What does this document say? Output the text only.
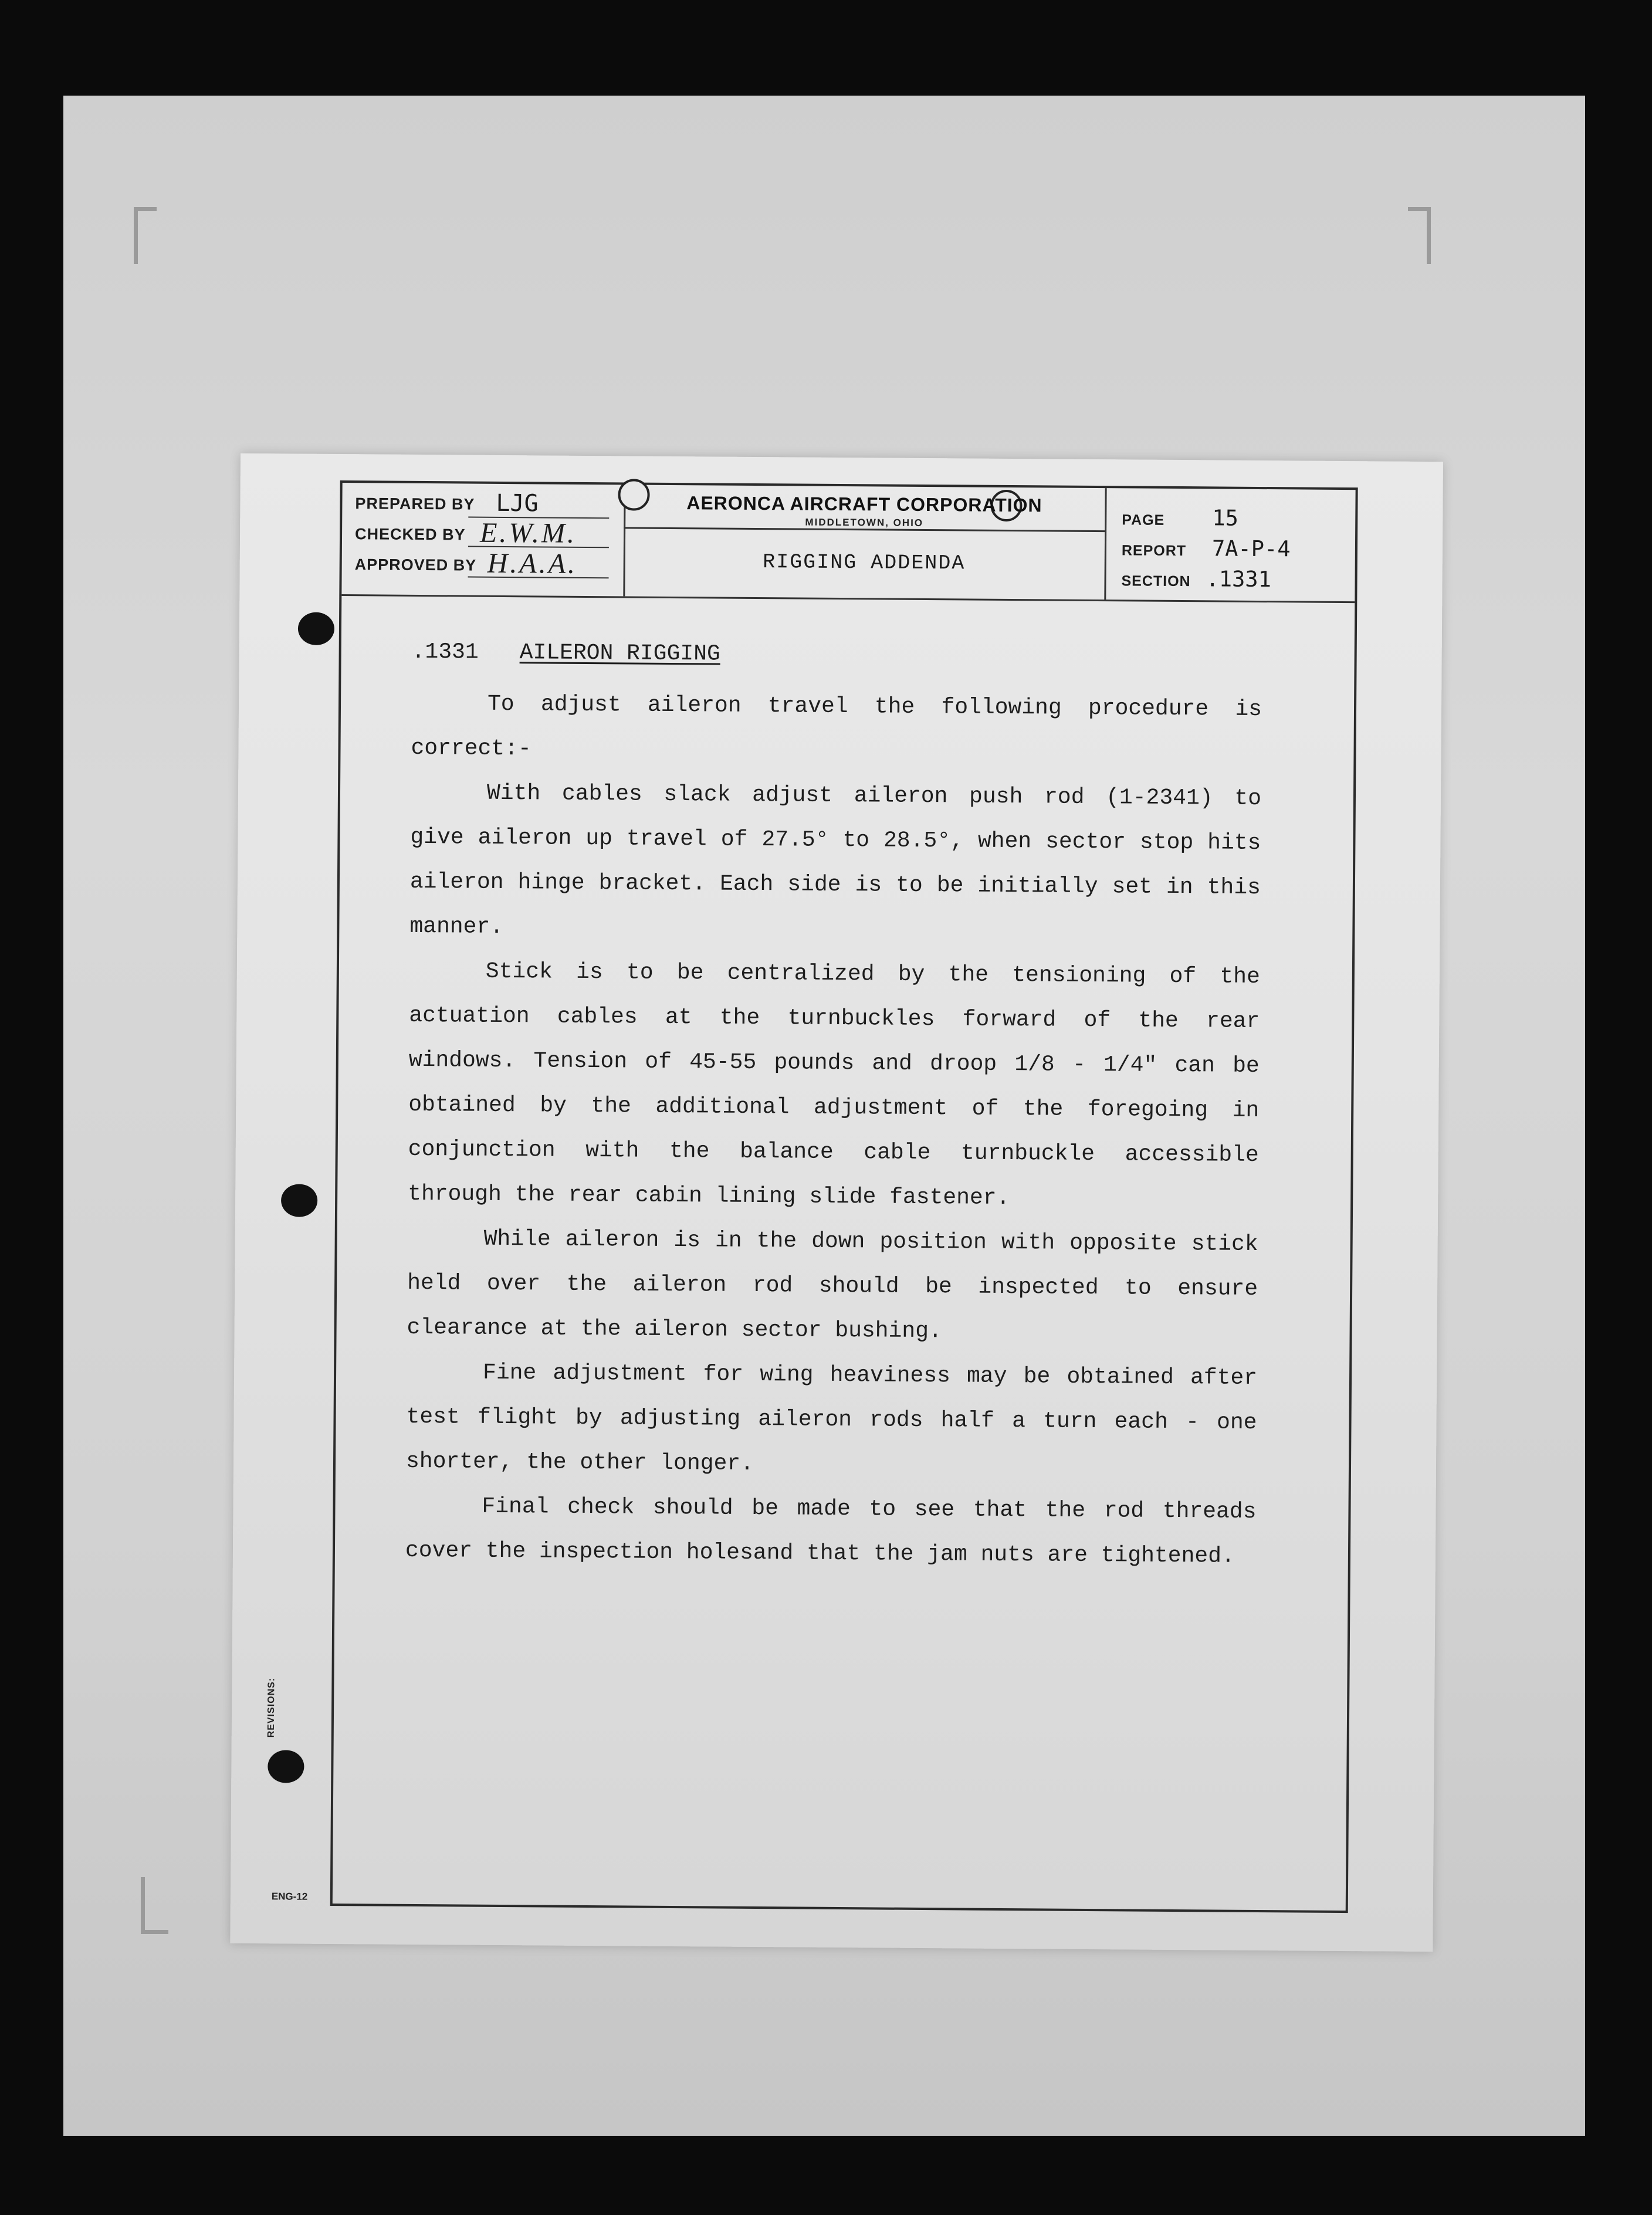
PREPARED BY LJG
CHECKED BY E.W.M.
APPROVED BY H.A.A.
AERONCA AIRCRAFT CORPORATION
MIDDLETOWN, OHIO
RIGGING ADDENDA
PAGE 15
REPORT 7A-P-4
SECTION .1331

.1331 AILERON RIGGING

To adjust aileron travel the following procedure is correct:-

With cables slack adjust aileron push rod (1-2341) to give aileron up travel of 27.5° to 28.5°, when sector stop hits aileron hinge bracket. Each side is to be initially set in this manner.

Stick is to be centralized by the tensioning of the actuation cables at the turnbuckles forward of the rear windows. Tension of 45-55 pounds and droop 1/8 - 1/4" can be obtained by the additional adjustment of the foregoing in conjunction with the balance cable turnbuckle accessible through the rear cabin lining slide fastener.

While aileron is in the down position with opposite stick held over the aileron rod should be inspected to ensure clearance at the aileron sector bushing.

Fine adjustment for wing heaviness may be obtained after test flight by adjusting aileron rods half a turn each - one shorter, the other longer.

Final check should be made to see that the rod threads cover the inspection holesand that the jam nuts are tightened.

REVISIONS:
ENG-12
